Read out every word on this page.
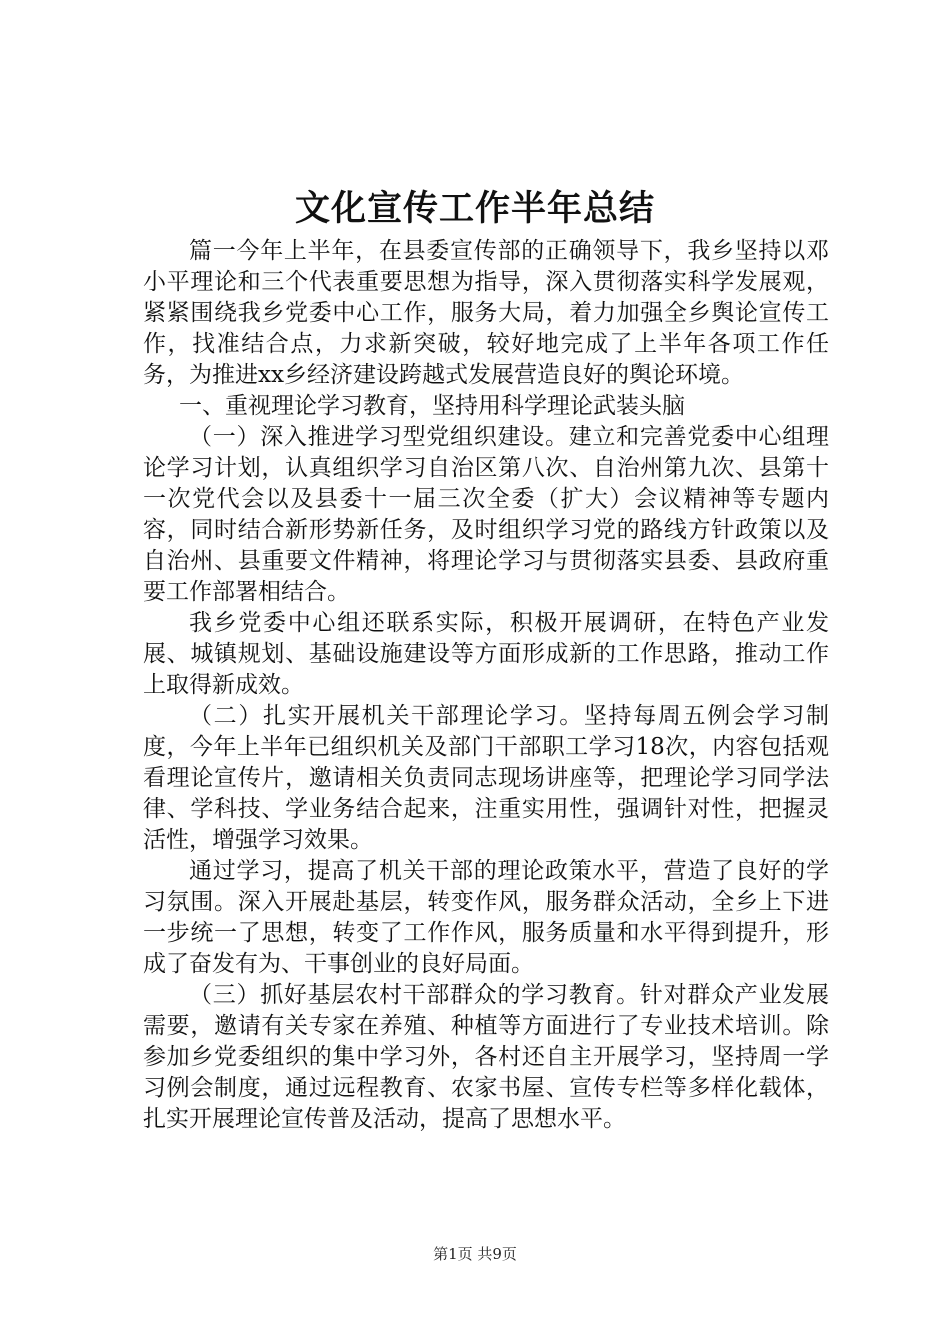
文化宣传工作半年总结

篇一今年上半年，在县委宣传部的正确领导下，我乡坚持以邓小平理论和三个代表重要思想为指导，深入贯彻落实科学发展观，紧紧围绕我乡党委中心工作，服务大局，着力加强全乡舆论宣传工作，找准结合点，力求新突破，较好地完成了上半年各项工作任务，为推进xx乡经济建设跨越式发展营造良好的舆论环境。

一、重视理论学习教育，坚持用科学理论武装头脑

（一）深入推进学习型党组织建设。建立和完善党委中心组理论学习计划，认真组织学习自治区第八次、自治州第九次、县第十一次党代会以及县委十一届三次全委（扩大）会议精神等专题内容，同时结合新形势新任务，及时组织学习党的路线方针政策以及自治州、县重要文件精神，将理论学习与贯彻落实县委、县政府重要工作部署相结合。

我乡党委中心组还联系实际，积极开展调研，在特色产业发展、城镇规划、基础设施建设等方面形成新的工作思路，推动工作上取得新成效。

（二）扎实开展机关干部理论学习。坚持每周五例会学习制度，今年上半年已组织机关及部门干部职工学习18次，内容包括观看理论宣传片，邀请相关负责同志现场讲座等，把理论学习同学法律、学科技、学业务结合起来，注重实用性，强调针对性，把握灵活性，增强学习效果。

通过学习，提高了机关干部的理论政策水平，营造了良好的学习氛围。深入开展赴基层，转变作风，服务群众活动，全乡上下进一步统一了思想，转变了工作作风，服务质量和水平得到提升，形成了奋发有为、干事创业的良好局面。

（三）抓好基层农村干部群众的学习教育。针对群众产业发展需要，邀请有关专家在养殖、种植等方面进行了专业技术培训。除参加乡党委组织的集中学习外，各村还自主开展学习，坚持周一学习例会制度，通过远程教育、农家书屋、宣传专栏等多样化载体，扎实开展理论宣传普及活动，提高了思想水平。

第1页 共9页
